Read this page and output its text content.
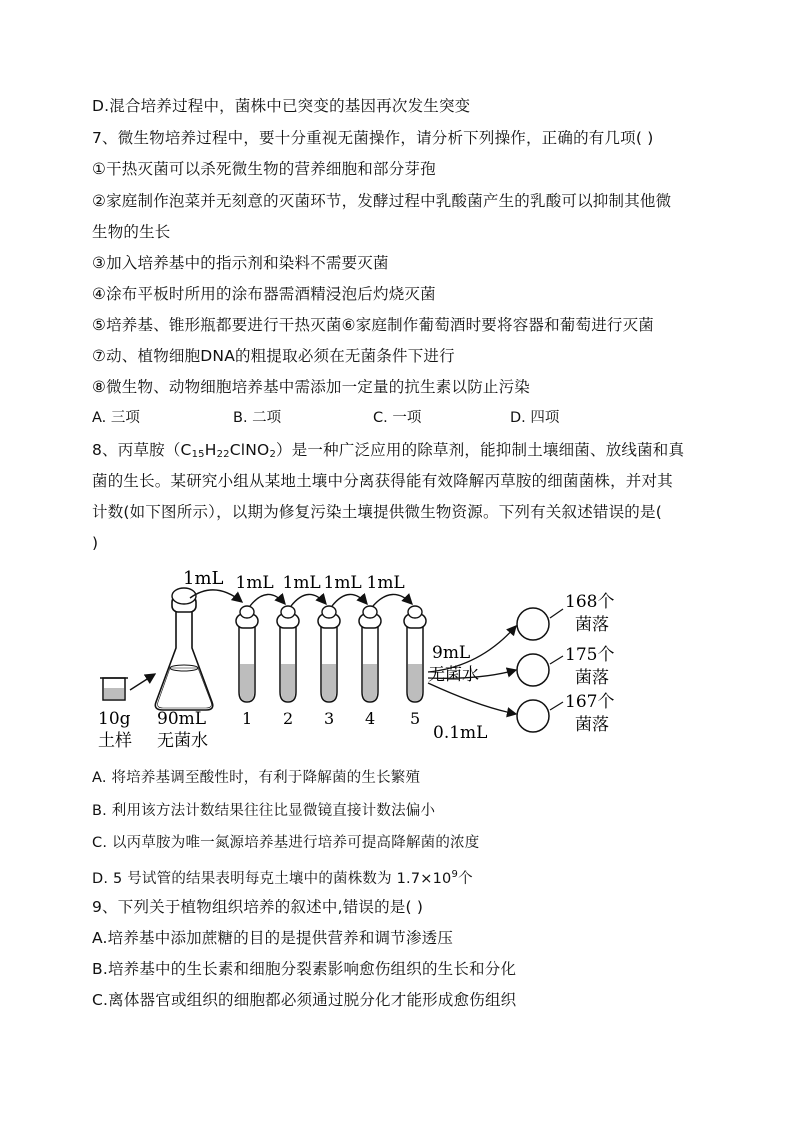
D.混合培养过程中，菌株中已突变的基因再次发生突变
7、微生物培养过程中，要十分重视无菌操作，请分析下列操作，正确的有几项( )
①干热灭菌可以杀死微生物的营养细胞和部分芽孢
②家庭制作泡菜并无刻意的灭菌环节，发酵过程中乳酸菌产生的乳酸可以抑制其他微
生物的生长
③加入培养基中的指示剂和染料不需要灭菌
④涂布平板时所用的涂布器需酒精浸泡后灼烧灭菌
⑤培养基、锥形瓶都要进行干热灭菌⑥家庭制作葡萄酒时要将容器和葡萄进行灭菌
⑦动、植物细胞DNA的粗提取必须在无菌条件下进行
⑧微生物、动物细胞培养基中需添加一定量的抗生素以防止污染
A. 三项	B. 二项	C. 一项	D. 四项
8、丙草胺$(C_{15}H_{22}ClNO_2)$是一种广泛应用的除草剂，能抑制土壤细菌、放线菌和真
菌的生长。某研究小组从某地土壤中分离获得能有效降解丙草胺的细菌菌株，并对其
计数(如下图所示），以期为修复污染土壤提供微生物资源。下列有关叙述错误的是(
)
1mL
1 2 3 4 5
1mL 1mL 1mL 1mL
10g
土样
90mL
无菌水
9mL
无菌水
0.1mL
168个
菌落
175个
菌落
167个
菌落
A. 将培养基调至酸性时，有利于降解菌的生长繁殖
B. 利用该方法计数结果往往比显微镜直接计数法偏小
C. 以丙草胺为唯一氮源培养基进行培养可提高降解菌的浓度
D. 5 号试管的结果表明每克土壤中的菌株数为 $1.7\times 10^9$个
9、下列关于植物组织培养的叙述中,错误的是( )
A.培养基中添加蔗糖的目的是提供营养和调节渗透压
B.培养基中的生长素和细胞分裂素影响愈伤组织的生长和分化
C.离体器官或组织的细胞都必须通过脱分化才能形成愈伤组织
